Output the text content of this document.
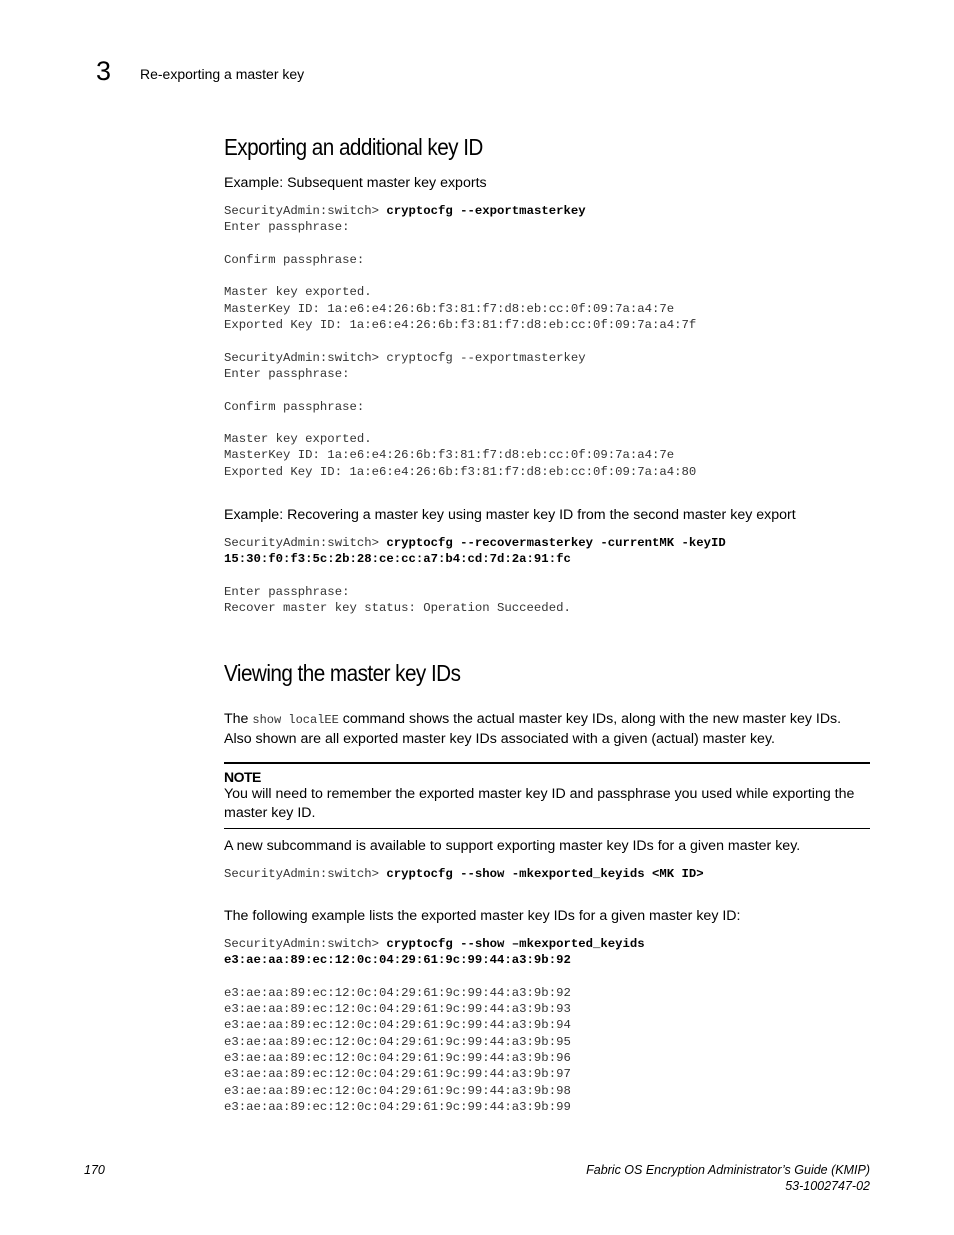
3 Re-exporting a master key
Exporting an additional key ID

Example: Subsequent master key exports

SecurityAdmin:switch> cryptocfg --exportmasterkey
Enter passphrase:

Confirm passphrase:

Master key exported.
MasterKey ID: 1a:e6:e4:26:6b:f3:81:f7:d8:eb:cc:0f:09:7a:a4:7e
Exported Key ID: 1a:e6:e4:26:6b:f3:81:f7:d8:eb:cc:0f:09:7a:a4:7f

SecurityAdmin:switch> cryptocfg --exportmasterkey
Enter passphrase:

Confirm passphrase:

Master key exported.
MasterKey ID: 1a:e6:e4:26:6b:f3:81:f7:d8:eb:cc:0f:09:7a:a4:7e
Exported Key ID: 1a:e6:e4:26:6b:f3:81:f7:d8:eb:cc:0f:09:7a:a4:80

Example: Recovering a master key using master key ID from the second master key export

SecurityAdmin:switch> cryptocfg --recovermasterkey -currentMK -keyID
15:30:f0:f3:5c:2b:28:ce:cc:a7:b4:cd:7d:2a:91:fc

Enter passphrase:
Recover master key status: Operation Succeeded.
Viewing the master key IDs

The show localEE command shows the actual master key IDs, along with the new master key IDs. Also shown are all exported master key IDs associated with a given (actual) master key.

NOTE
You will need to remember the exported master key ID and passphrase you used while exporting the master key ID.

A new subcommand is available to support exporting master key IDs for a given master key.

SecurityAdmin:switch> cryptocfg --show -mkexported_keyids <MK ID>

The following example lists the exported master key IDs for a given master key ID:

SecurityAdmin:switch> cryptocfg --show –mkexported_keyids
e3:ae:aa:89:ec:12:0c:04:29:61:9c:99:44:a3:9b:92

e3:ae:aa:89:ec:12:0c:04:29:61:9c:99:44:a3:9b:92
e3:ae:aa:89:ec:12:0c:04:29:61:9c:99:44:a3:9b:93
e3:ae:aa:89:ec:12:0c:04:29:61:9c:99:44:a3:9b:94
e3:ae:aa:89:ec:12:0c:04:29:61:9c:99:44:a3:9b:95
e3:ae:aa:89:ec:12:0c:04:29:61:9c:99:44:a3:9b:96
e3:ae:aa:89:ec:12:0c:04:29:61:9c:99:44:a3:9b:97
e3:ae:aa:89:ec:12:0c:04:29:61:9c:99:44:a3:9b:98
e3:ae:aa:89:ec:12:0c:04:29:61:9c:99:44:a3:9b:99
170	Fabric OS Encryption Administrator’s Guide (KMIP)
53-1002747-02
